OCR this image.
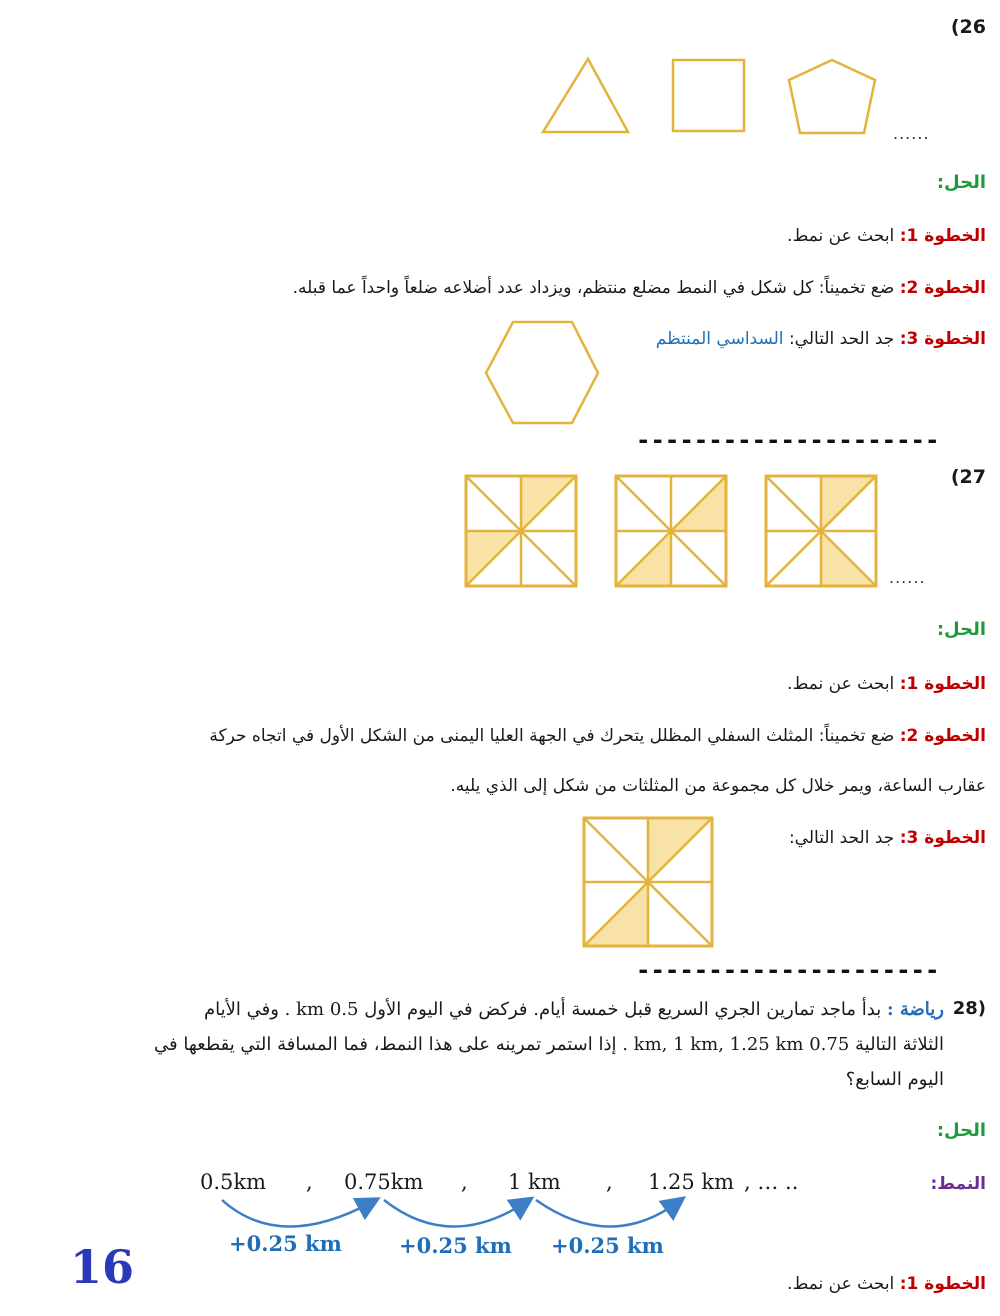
(26
......
الحل:
الخطوة 1: ابحث عن نمط.
الخطوة 2: ضع تخميناً: كل شكل في النمط مضلع منتظم، ويزداد عدد أضلاعه ضلعاً واحداً عما قبله.
الخطوة 3: جد الحد التالي: السداسي المنتظم
---------------------
(27
......
الحل:
الخطوة 1: ابحث عن نمط.
الخطوة 2: ضع تخميناً: المثلث السفلي المظلل يتحرك في الجهة العليا اليمنى من الشكل الأول في اتجاه حركة
عقارب الساعة، ويمر خلال كل مجموعة من المثلثات من شكل إلى الذي يليه.
الخطوة 3: جد الحد التالي:
---------------------
28)
رياضة : بدأ ماجد تمارين الجري السريع قبل خمسة أيام. فركض في اليوم الأول 0.5 km . وفي الأيام
الثلاثة التالية 0.75 km, 1 km, 1.25 km . إذا استمر تمرينه على هذا النمط، فما المسافة التي يقطعها في
اليوم السابع؟
الحل:
النمط:
0.5km , 0.75km , 1 km , 1.25 km , … ..
+0.25 km	+0.25 km +0.25 km
16	الخطوة 1: ابحث عن نمط.
